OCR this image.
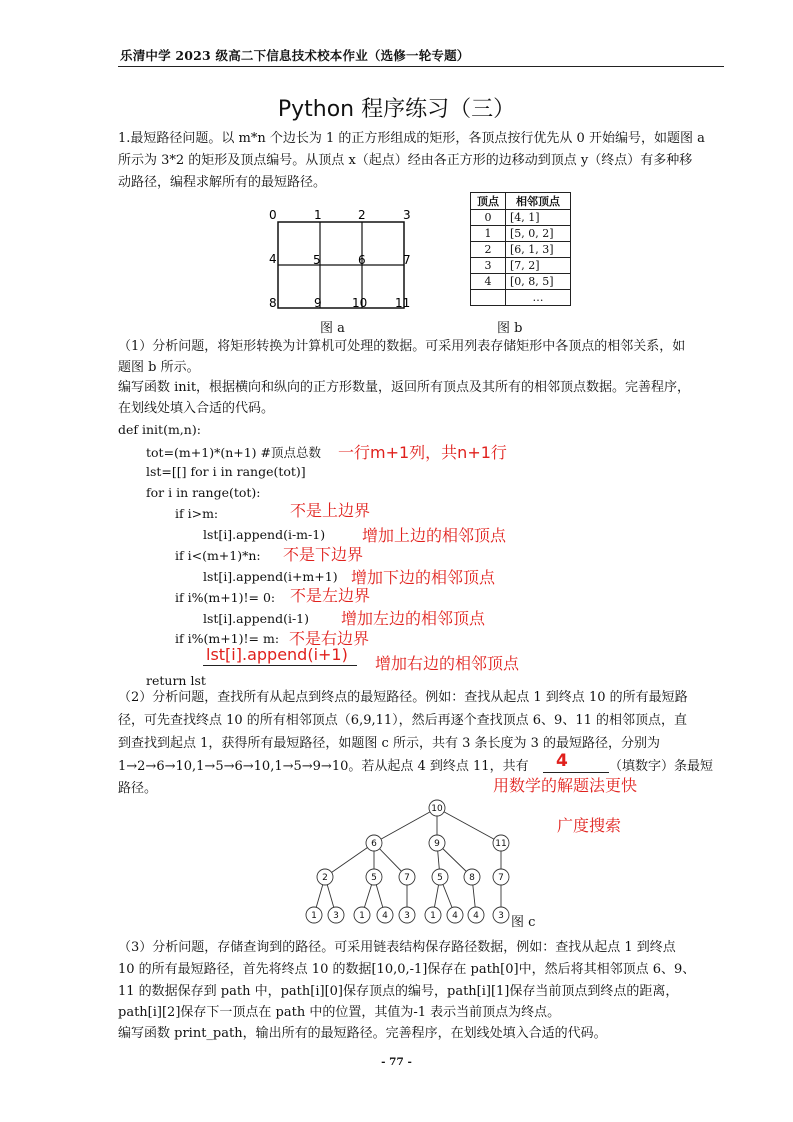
乐清中学 2023 级高二下信息技术校本作业（选修一轮专题）
Python 程序练习（三）
1.最短路径问题。以 m*n 个边长为 1 的正方形组成的矩形，各顶点按行优先从 0 开始编号，如题图 a
所示为 3*2 的矩形及顶点编号。从顶点 x（起点）经由各正方形的边移动到顶点 y（终点）有多种移
动路径，编程求解所有的最短路径。
0	1	2	3
4	5	6	7
8	9	10 11
图 a
顶点	相邻顶点
0	[4, 1]
1	[5, 0, 2]
2	[6, 1, 3]
3	[7, 2]
4	[0, 8, 5]
	…
图 b
（1）分析问题，将矩形转换为计算机可处理的数据。可采用列表存储矩形中各顶点的相邻关系，如
题图 b 所示。
编写函数 init，根据横向和纵向的正方形数量，返回所有顶点及其所有的相邻顶点数据。完善程序，
在划线处填入合适的代码。
def init(m,n):
tot=(m+1)*(n+1) #顶点总数
lst=[[] for i in range(tot)]
for i in range(tot):
if i>m:
lst[i].append(i-m-1)
if i<(m+1)*n:
lst[i].append(i+m+1)
if i%(m+1)!= 0:
lst[i].append(i-1)
if i%(m+1)!= m:
return lst
一行m+1列，共n+1行
不是上边界
增加上边的相邻顶点
不是下边界
增加下边的相邻顶点
不是左边界
增加左边的相邻顶点
不是右边界
lst[i].append(i+1) 增加右边的相邻顶点
（2）分析问题，查找所有从起点到终点的最短路径。例如：查找从起点 1 到终点 10 的所有最短路
径，可先查找终点 10 的所有相邻顶点（6,9,11），然后再逐个查找顶点 6、9、11 的相邻顶点，直
到查找到起点 1，获得所有最短路径，如题图 c 所示，共有 3 条长度为 3 的最短路径，分别为
1→2→6→10,1→5→6→10,1→5→9→10。若从起点 4 到终点 11，共有 4	（填数字）条最短
路径。	用数学的解题法更快
广度搜索
10
6	9	11
2	5	7	5	8	7
1 3 1 4 3 1 4 4 3 图 c
（3）分析问题，存储查询到的路径。可采用链表结构保存路径数据，例如：查找从起点 1 到终点
10 的所有最短路径，首先将终点 10 的数据[10,0,-1]保存在 path[0]中，然后将其相邻顶点 6、9、
11 的数据保存到 path 中，path[i][0]保存顶点的编号，path[i][1]保存当前顶点到终点的距离，
path[i][2]保存下一顶点在 path 中的位置，其值为-1 表示当前顶点为终点。
编写函数 print_path，输出所有的最短路径。完善程序，在划线处填入合适的代码。
- 77 -
